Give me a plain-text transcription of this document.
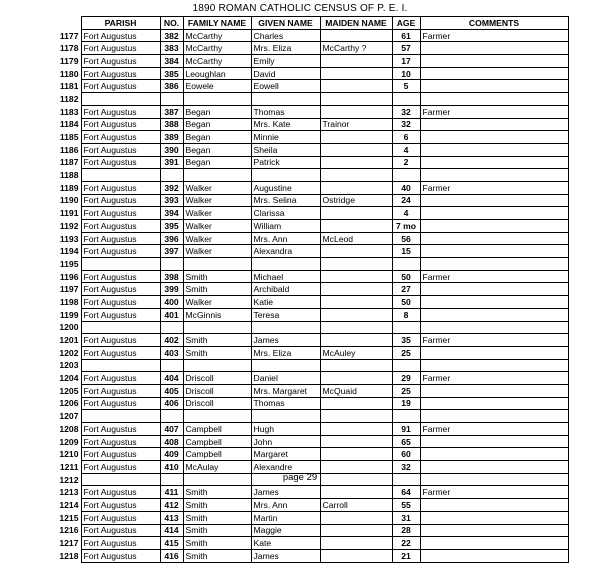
1890 ROMAN CATHOLIC CENSUS OF P. E. I.
	PARISH	NO.	FAMILY NAME	GIVEN NAME	MAIDEN NAME	AGE	COMMENTS
1177	Fort Augustus	382	McCarthy	Charles		61	Farmer
1178	Fort Augustus	383	McCarthy	Mrs. Eliza	McCarthy ?	57	
1179	Fort Augustus	384	McCarthy	Emily		17	
1180	Fort Augustus	385	Leoughlan	David		10	
1181	Fort Augustus	386	Eowele	Eowell		5	
1182							
1183	Fort Augustus	387	Began	Thomas		32	Farmer
1184	Fort Augustus	388	Began	Mrs. Kate	Trainor	32	
1185	Fort Augustus	389	Began	Minnie		6	
1186	Fort Augustus	390	Began	Sheila		4	
1187	Fort Augustus	391	Began	Patrick		2	
1188							
1189	Fort Augustus	392	Walker	Augustine		40	Farmer
1190	Fort Augustus	393	Walker	Mrs. Selina	Ostridge	24	
1191	Fort Augustus	394	Walker	Clarissa		4	
1192	Fort Augustus	395	Walker	William		7 mo	
1193	Fort Augustus	396	Walker	Mrs. Ann	McLeod	56	
1194	Fort Augustus	397	Walker	Alexandra		15	
1195							
1196	Fort Augustus	398	Smith	Michael		50	Farmer
1197	Fort Augustus	399	Smith	Archibald		27	
1198	Fort Augustus	400	Walker	Katie		50	
1199	Fort Augustus	401	McGinnis	Teresa		8	
1200							
1201	Fort Augustus	402	Smith	James		35	Farmer
1202	Fort Augustus	403	Smith	Mrs. Eliza	McAuley	25	
1203							
1204	Fort Augustus	404	Driscoll	Daniel		29	Farmer
1205	Fort Augustus	405	Driscoll	Mrs. Margaret	McQuaid	25	
1206	Fort Augustus	406	Driscoll	Thomas		19	
1207							
1208	Fort Augustus	407	Campbell	Hugh		91	Farmer
1209	Fort Augustus	408	Campbell	John		65	
1210	Fort Augustus	409	Campbell	Margaret		60	
1211	Fort Augustus	410	McAulay	Alexandre		32	
1212							
1213	Fort Augustus	411	Smith	James		64	Farmer
1214	Fort Augustus	412	Smith	Mrs. Ann	Carroll	55	
1215	Fort Augustus	413	Smith	Martin		31	
1216	Fort Augustus	414	Smith	Maggie		28	
1217	Fort Augustus	415	Smith	Kate		22	
1218	Fort Augustus	416	Smith	James		21	
page 29
